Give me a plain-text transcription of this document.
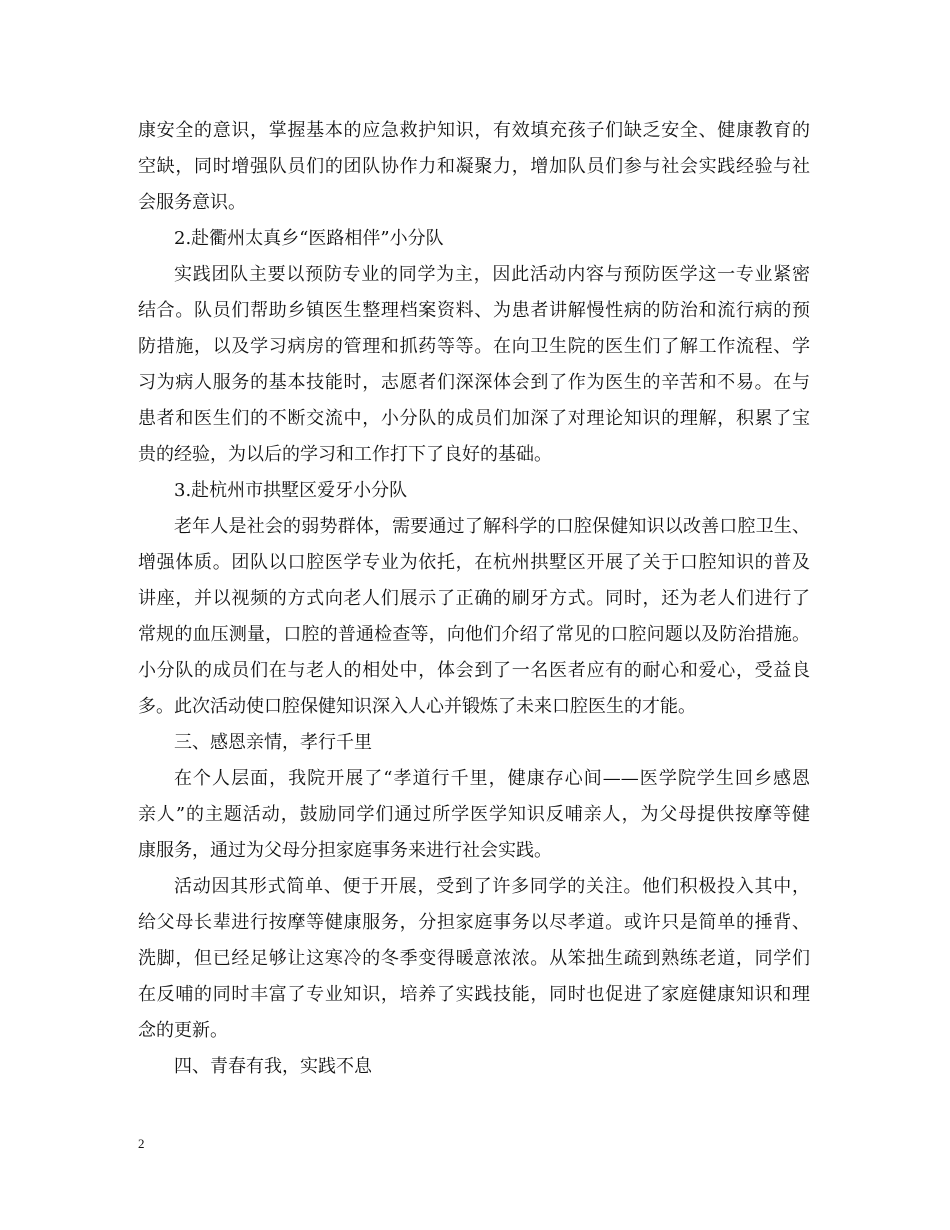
康安全的意识，掌握基本的应急救护知识，有效填充孩子们缺乏安全、健康教育的
空缺，同时增强队员们的团队协作力和凝聚力，增加队员们参与社会实践经验与社
会服务意识。
2.赴衢州太真乡“医路相伴”小分队
实践团队主要以预防专业的同学为主，因此活动内容与预防医学这一专业紧密
结合。队员们帮助乡镇医生整理档案资料、为患者讲解慢性病的防治和流行病的预
防措施，以及学习病房的管理和抓药等等。在向卫生院的医生们了解工作流程、学
习为病人服务的基本技能时，志愿者们深深体会到了作为医生的辛苦和不易。在与
患者和医生们的不断交流中，小分队的成员们加深了对理论知识的理解，积累了宝
贵的经验，为以后的学习和工作打下了良好的基础。
3.赴杭州市拱墅区爱牙小分队
老年人是社会的弱势群体，需要通过了解科学的口腔保健知识以改善口腔卫生、
增强体质。团队以口腔医学专业为依托，在杭州拱墅区开展了关于口腔知识的普及
讲座，并以视频的方式向老人们展示了正确的刷牙方式。同时，还为老人们进行了
常规的血压测量，口腔的普通检查等，向他们介绍了常见的口腔问题以及防治措施。
小分队的成员们在与老人的相处中，体会到了一名医者应有的耐心和爱心，受益良
多。此次活动使口腔保健知识深入人心并锻炼了未来口腔医生的才能。
三、感恩亲情，孝行千里
在个人层面，我院开展了“孝道行千里，健康存心间——医学院学生回乡感恩
亲人”的主题活动，鼓励同学们通过所学医学知识反哺亲人，为父母提供按摩等健
康服务，通过为父母分担家庭事务来进行社会实践。
活动因其形式简单、便于开展，受到了许多同学的关注。他们积极投入其中，
给父母长辈进行按摩等健康服务，分担家庭事务以尽孝道。或许只是简单的捶背、
洗脚，但已经足够让这寒冷的冬季变得暖意浓浓。从笨拙生疏到熟练老道，同学们
在反哺的同时丰富了专业知识，培养了实践技能，同时也促进了家庭健康知识和理
念的更新。
四、青春有我，实践不息
2
